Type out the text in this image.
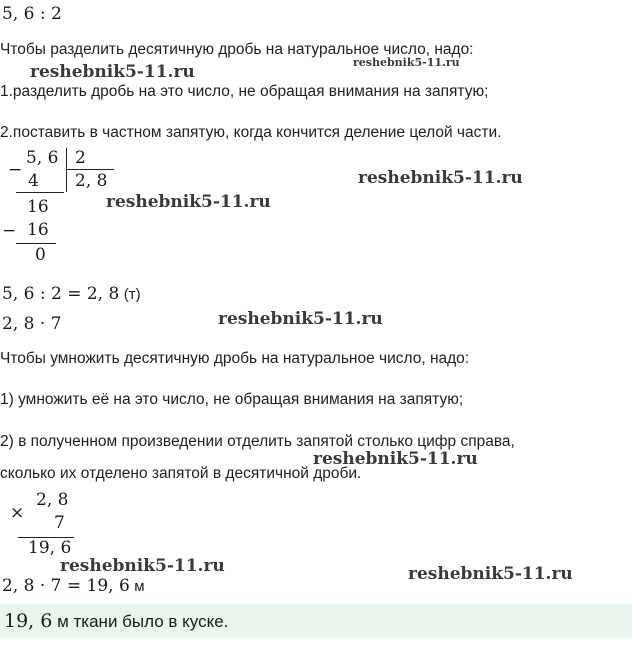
5, 6 : 2
Чтобы разделить десятичную дробь на натуральное число, надо:
reshebnik5-11.ru
reshebnik5-11.ru
1.разделить дробь на это число, не обращая внимания на запятую;
2.поставить в частном запятую, когда кончится деление целой части.
−
5, 6 2
4 2, 8
16
− 16
0
reshebnik5-11.ru
reshebnik5-11.ru
5, 6 : 2 = 2, 8 (т)
2, 8 · 7	reshebnik5-11.ru
Чтобы умножить десятичную дробь на натуральное число, надо:
1) умножить её на это число, не обращая внимания на запятую;
2) в полученном произведении отделить запятой столько цифр справа,
reshebnik5-11.ru
сколько их отделено запятой в десятичной дроби.
2, 8
× 7
19, 6
reshebnik5-11.ru
2, 8 · 7 = 19, 6 м
reshebnik5-11.ru
19, 6 м ткани было в куске.
